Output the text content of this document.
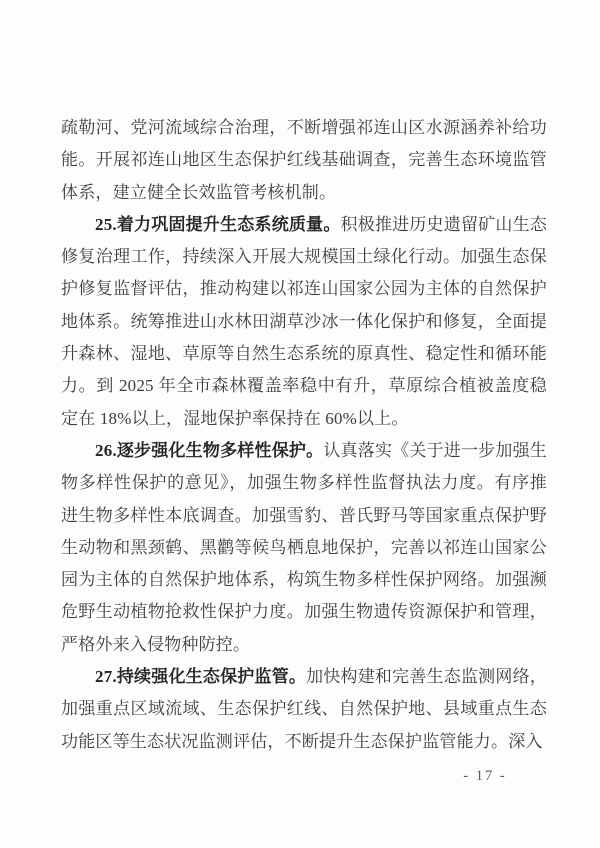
疏勒河、党河流域综合治理，不断增强祁连山区水源涵养补给功能。开展祁连山地区生态保护红线基础调查，完善生态环境监管体系，建立健全长效监管考核机制。

25.着力巩固提升生态系统质量。积极推进历史遗留矿山生态修复治理工作，持续深入开展大规模国土绿化行动。加强生态保护修复监督评估，推动构建以祁连山国家公园为主体的自然保护地体系。统筹推进山水林田湖草沙冰一体化保护和修复，全面提升森林、湿地、草原等自然生态系统的原真性、稳定性和循环能力。到 2025 年全市森林覆盖率稳中有升，草原综合植被盖度稳定在 18%以上，湿地保护率保持在 60%以上。

26.逐步强化生物多样性保护。认真落实《关于进一步加强生物多样性保护的意见》，加强生物多样性监督执法力度。有序推进生物多样性本底调查。加强雪豹、普氏野马等国家重点保护野生动物和黑颈鹤、黑鹳等候鸟栖息地保护，完善以祁连山国家公园为主体的自然保护地体系，构筑生物多样性保护网络。加强濒危野生动植物抢救性保护力度。加强生物遗传资源保护和管理，严格外来入侵物种防控。

27.持续强化生态保护监管。加快构建和完善生态监测网络，加强重点区域流域、生态保护红线、自然保护地、县域重点生态功能区等生态状况监测评估，不断提升生态保护监管能力。深入

- 17 -
